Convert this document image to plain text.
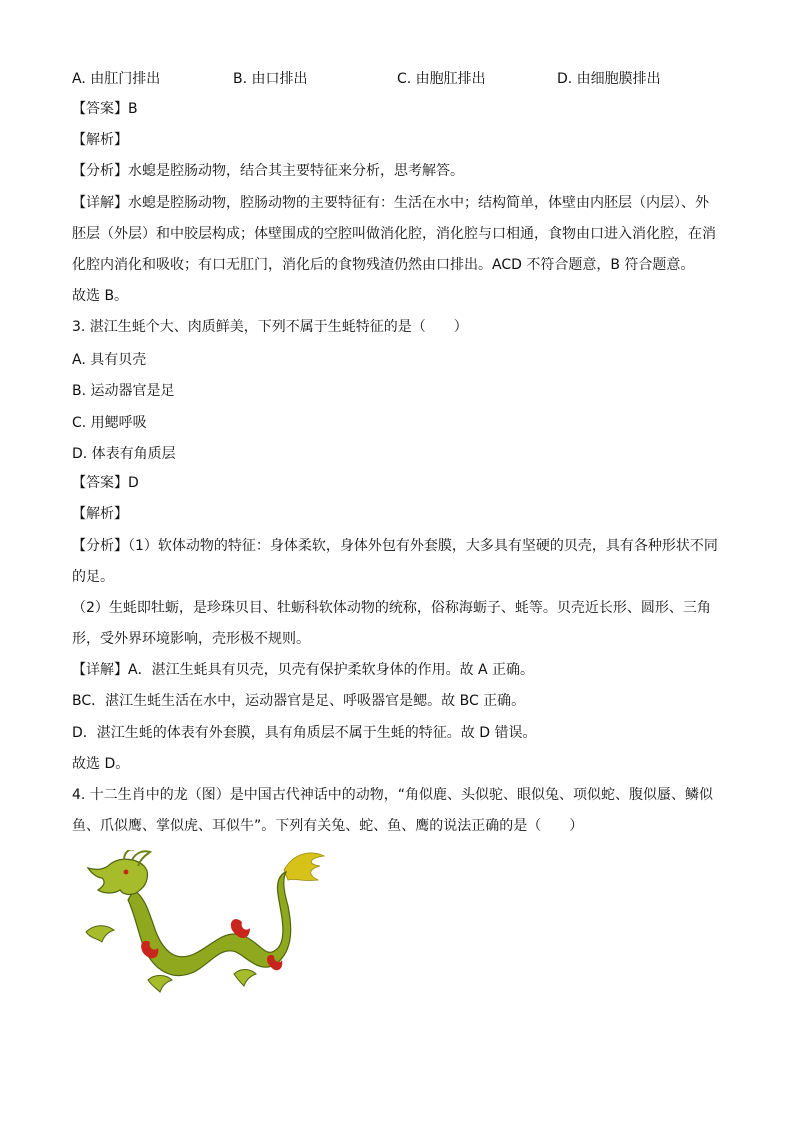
A. 由肛门排出	B. 由口排出	C. 由胞肛排出	D. 由细胞膜排出
【答案】B
【解析】
【分析】水螅是腔肠动物，结合其主要特征来分析，思考解答。
【详解】水螅是腔肠动物，腔肠动物的主要特征有：生活在水中；结构简单，体壁由内胚层（内层）、外
胚层（外层）和中胶层构成；体壁围成的空腔叫做消化腔，消化腔与口相通，食物由口进入消化腔，在消
化腔内消化和吸收；有口无肛门，消化后的食物残渣仍然由口排出。ACD 不符合题意，B 符合题意。
故选 B。
3. 湛江生蚝个大、肉质鲜美，下列不属于生蚝特征的是（　　）
A. 具有贝壳
B. 运动器官是足
C. 用鳃呼吸
D. 体表有角质层
【答案】D
【解析】
【分析】（1）软体动物的特征：身体柔软，身体外包有外套膜，大多具有坚硬的贝壳，具有各种形状不同
的足。
（2）生蚝即牡蛎，是珍珠贝目、牡蛎科软体动物的统称，俗称海蛎子、蚝等。贝壳近长形、圆形、三角
形，受外界环境影响，壳形极不规则。
【详解】A．湛江生蚝具有贝壳，贝壳有保护柔软身体的作用。故 A 正确。
BC．湛江生蚝生活在水中，运动器官是足、呼吸器官是鳃。故 BC 正确。
D．湛江生蚝的体表有外套膜，具有角质层不属于生蚝的特征。故 D 错误。
故选 D。
4. 十二生肖中的龙（图）是中国古代神话中的动物，“角似鹿、头似驼、眼似兔、项似蛇、腹似蜃、鳞似
鱼、爪似鹰、掌似虎、耳似牛”。下列有关兔、蛇、鱼、鹰的说法正确的是（　　）
